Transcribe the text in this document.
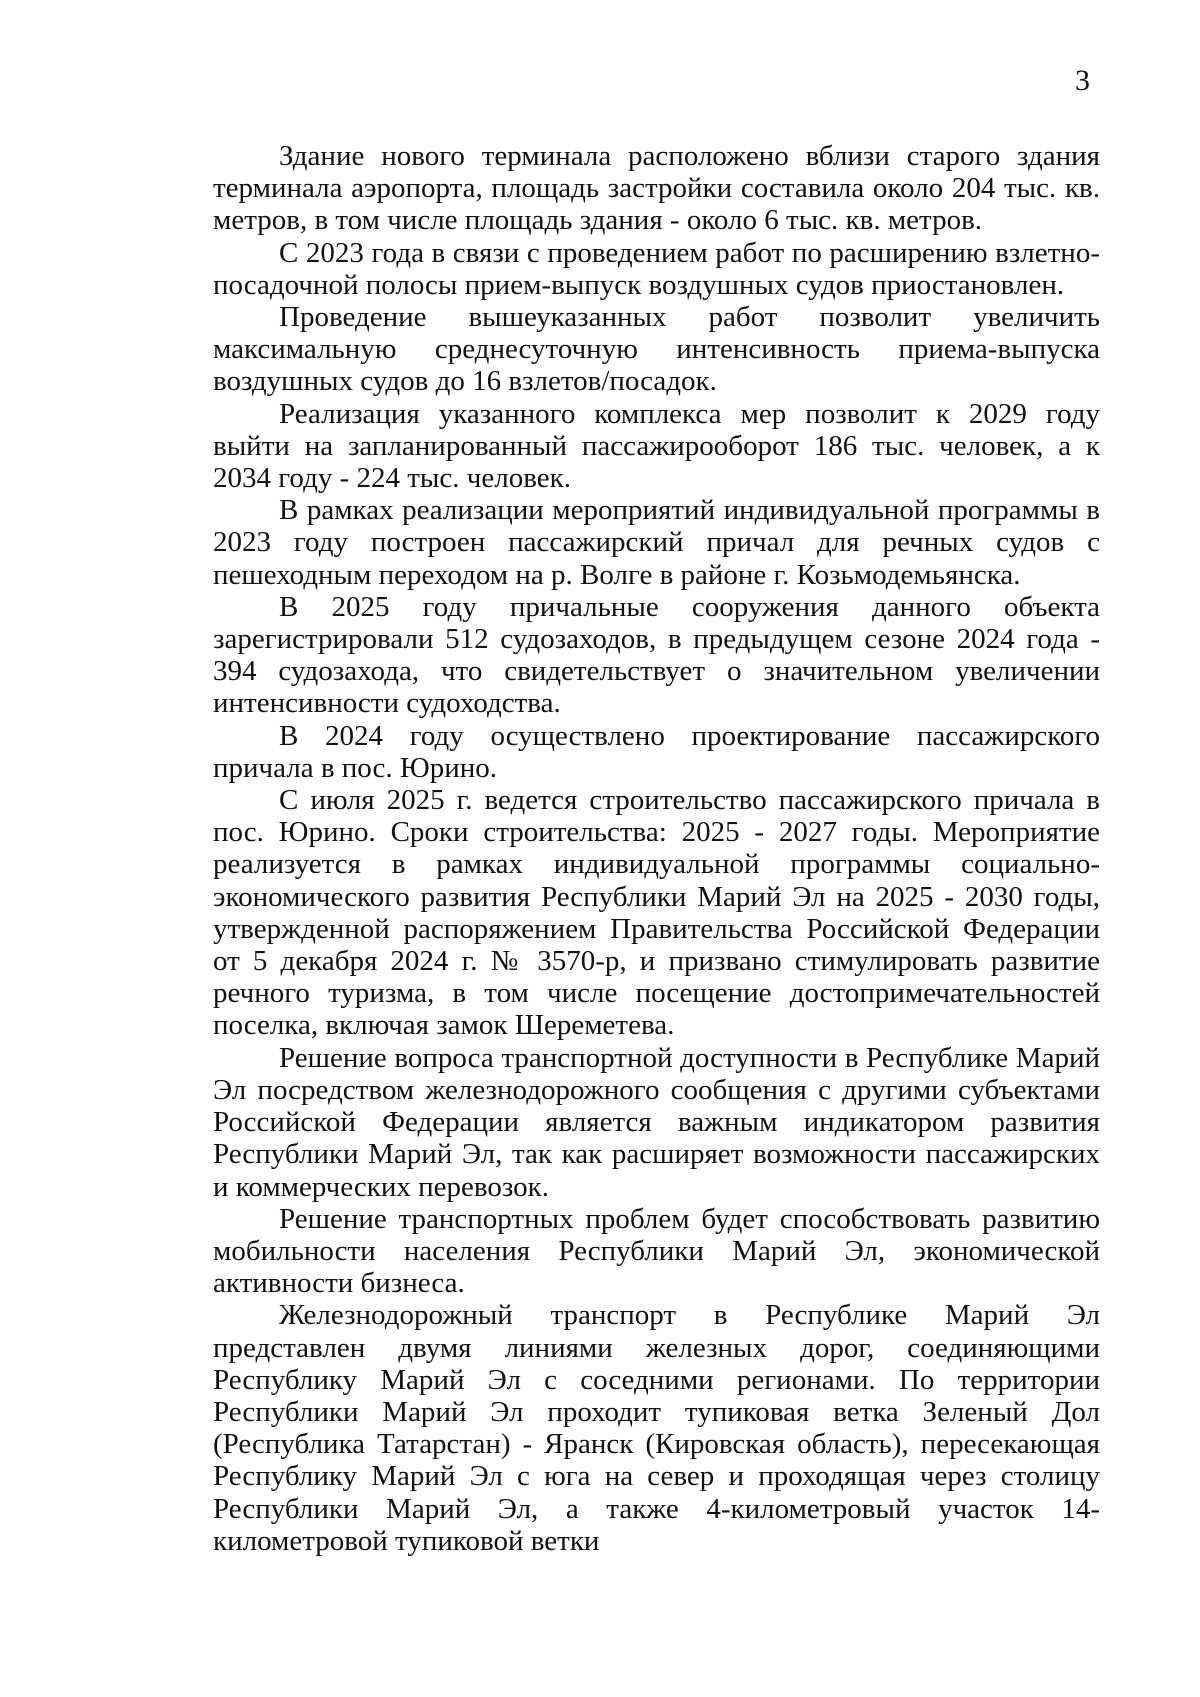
3

Здание нового терминала расположено вблизи старого здания терминала аэропорта, площадь застройки составила около 204 тыс. кв. метров, в том числе площадь здания - около 6 тыс. кв. метров.

С 2023 года в связи с проведением работ по расширению взлетно-посадочной полосы прием-выпуск воздушных судов приостановлен.

Проведение вышеуказанных работ позволит увеличить максимальную среднесуточную интенсивность приема-выпуска воздушных судов до 16 взлетов/посадок.

Реализация указанного комплекса мер позволит к 2029 году выйти на запланированный пассажирооборот 186 тыс. человек, а к 2034 году - 224 тыс. человек.

В рамках реализации мероприятий индивидуальной программы в 2023 году построен пассажирский причал для речных судов с пешеходным переходом на р. Волге в районе г. Козьмодемьянска.

В 2025 году причальные сооружения данного объекта зарегистрировали 512 судозаходов, в предыдущем сезоне 2024 года - 394 судозахода, что свидетельствует о значительном увеличении интенсивности судоходства.

В 2024 году осуществлено проектирование пассажирского причала в пос. Юрино.

С июля 2025 г. ведется строительство пассажирского причала в пос. Юрино. Сроки строительства: 2025 - 2027 годы. Мероприятие реализуется в рамках индивидуальной программы социально-экономического развития Республики Марий Эл на 2025 - 2030 годы, утвержденной распоряжением Правительства Российской Федерации от 5 декабря 2024 г. № 3570-р, и призвано стимулировать развитие речного туризма, в том числе посещение достопримечательностей поселка, включая замок Шереметева.

Решение вопроса транспортной доступности в Республике Марий Эл посредством железнодорожного сообщения с другими субъектами Российской Федерации является важным индикатором развития Республики Марий Эл, так как расширяет возможности пассажирских и коммерческих перевозок.

Решение транспортных проблем будет способствовать развитию мобильности населения Республики Марий Эл, экономической активности бизнеса.

Железнодорожный транспорт в Республике Марий Эл представлен двумя линиями железных дорог, соединяющими Республику Марий Эл с соседними регионами. По территории Республики Марий Эл проходит тупиковая ветка Зеленый Дол (Республика Татарстан) - Яранск (Кировская область), пересекающая Республику Марий Эл с юга на север и проходящая через столицу Республики Марий Эл, а также 4-километровый участок 14-километровой тупиковой ветки
